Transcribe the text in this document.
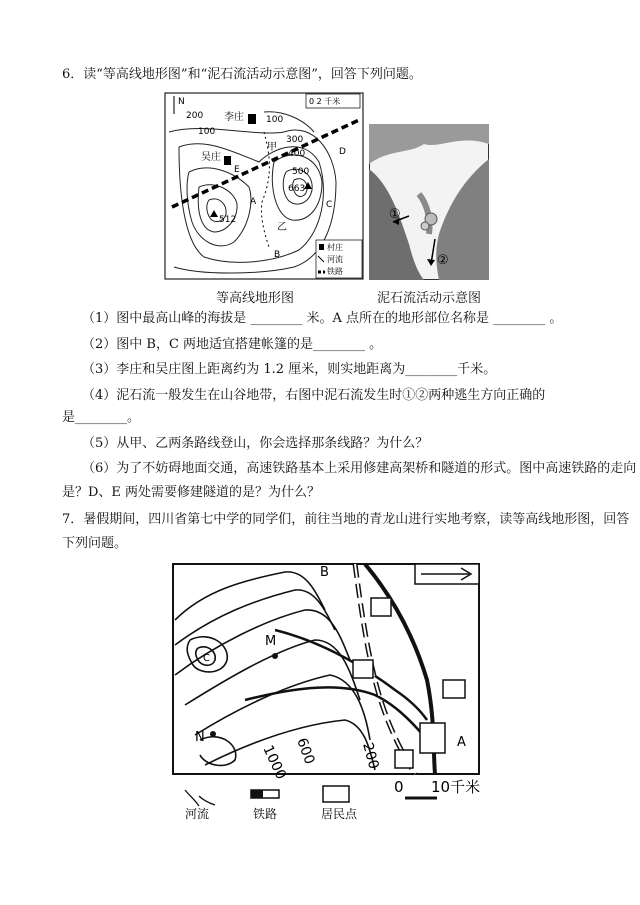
6．读“等高线地形图”和“泥石流活动示意图”，回答下列问题。
N	0 2 千米
李庄
吴庄
512
663
200
100
100
300
400
500
甲
乙
A
B
C
D
E
村庄
河流
铁路
等高线地形图
①
②
泥石流活动示意图
（1）图中最高山峰的海拔是 ________ 米。A 点所在的地形部位名称是 ________ 。
（2）图中 B，C 两地适宜搭建帐篷的是________ 。
（3）李庄和吴庄图上距离约为 1.2 厘米，则实地距离为________千米。
（4）泥石流一般发生在山谷地带，右图中泥石流发生时①②两种逃生方向正确的
是________。
（5）从甲、乙两条路线登山，你会选择那条线路？为什么？
（6）为了不妨碍地面交通，高速铁路基本上采用修建高架桥和隧道的形式。图中高速铁路的走向
是？D、E 两处需要修建隧道的是？为什么？
7．暑假期间，四川省第七中学的同学们，前往当地的青龙山进行实地考察，读等高线地形图，回答
下列问题。
B
M
C
N	A
1000 600	200
0 10千米
河流	铁路	居民点
